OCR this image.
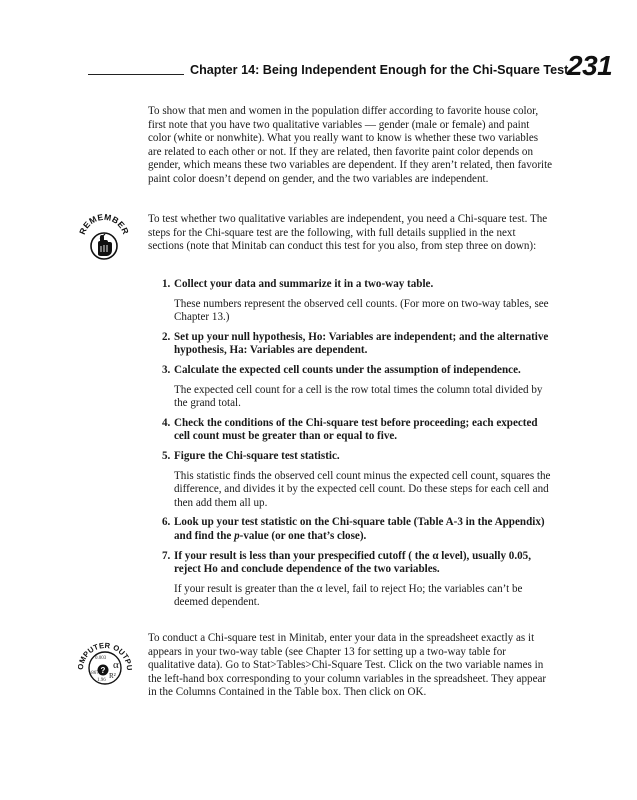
Chapter 14: Being Independent Enough for the Chi-Square Test
231

To show that men and women in the population differ according to favorite house color, first note that you have two qualitative variables — gender (male or female) and paint color (white or nonwhite). What you really want to know is whether these two variables are related to each other or not. If they are related, then favorite paint color depends on gender, which means these two variables are dependent. If they aren’t related, then favorite paint color doesn’t depend on gender, and the two variables are independent.

REMEMBER

To test whether two qualitative variables are independent, you need a Chi-square test. The steps for the Chi-square test are the following, with full details supplied in the next sections (note that Minitab can conduct this test for you also, from step three on down):

1. Collect your data and summarize it in a two-way table.

These numbers represent the observed cell counts. (For more on two-way tables, see Chapter 13.)

2. Set up your null hypothesis, Ho: Variables are independent; and the alternative hypothesis, Ha: Variables are dependent.

3. Calculate the expected cell counts under the assumption of independence.

The expected cell count for a cell is the row total times the column total divided by the grand total.

4. Check the conditions of the Chi-square test before proceeding; each expected cell count must be greater than or equal to five.

5. Figure the Chi-square test statistic.

This statistic finds the observed cell count minus the expected cell count, squares the difference, and divides it by the expected cell count. Do these steps for each cell and then add them all up.

6. Look up your test statistic on the Chi-square table (Table A-3 in the Appendix) and find the p-value (or one that’s close).

7. If your result is less than your prespecified cutoff ( the α level), usually 0.05, reject Ho and conclude dependence of the two variables.

If your result is greater than the α level, fail to reject Ho; the variables can’t be deemed dependent.

MPUTER OUT
0.003
α
R²
1.96
.867 ?

To conduct a Chi-square test in Minitab, enter your data in the spreadsheet exactly as it appears in your two-way table (see Chapter 13 for setting up a two-way table for qualitative data). Go to Stat>Tables>Chi-Square Test. Click on the two variable names in the left-hand box corresponding to your column variables in the spreadsheet. They appear in the Columns Contained in the Table box. Then click on OK.
